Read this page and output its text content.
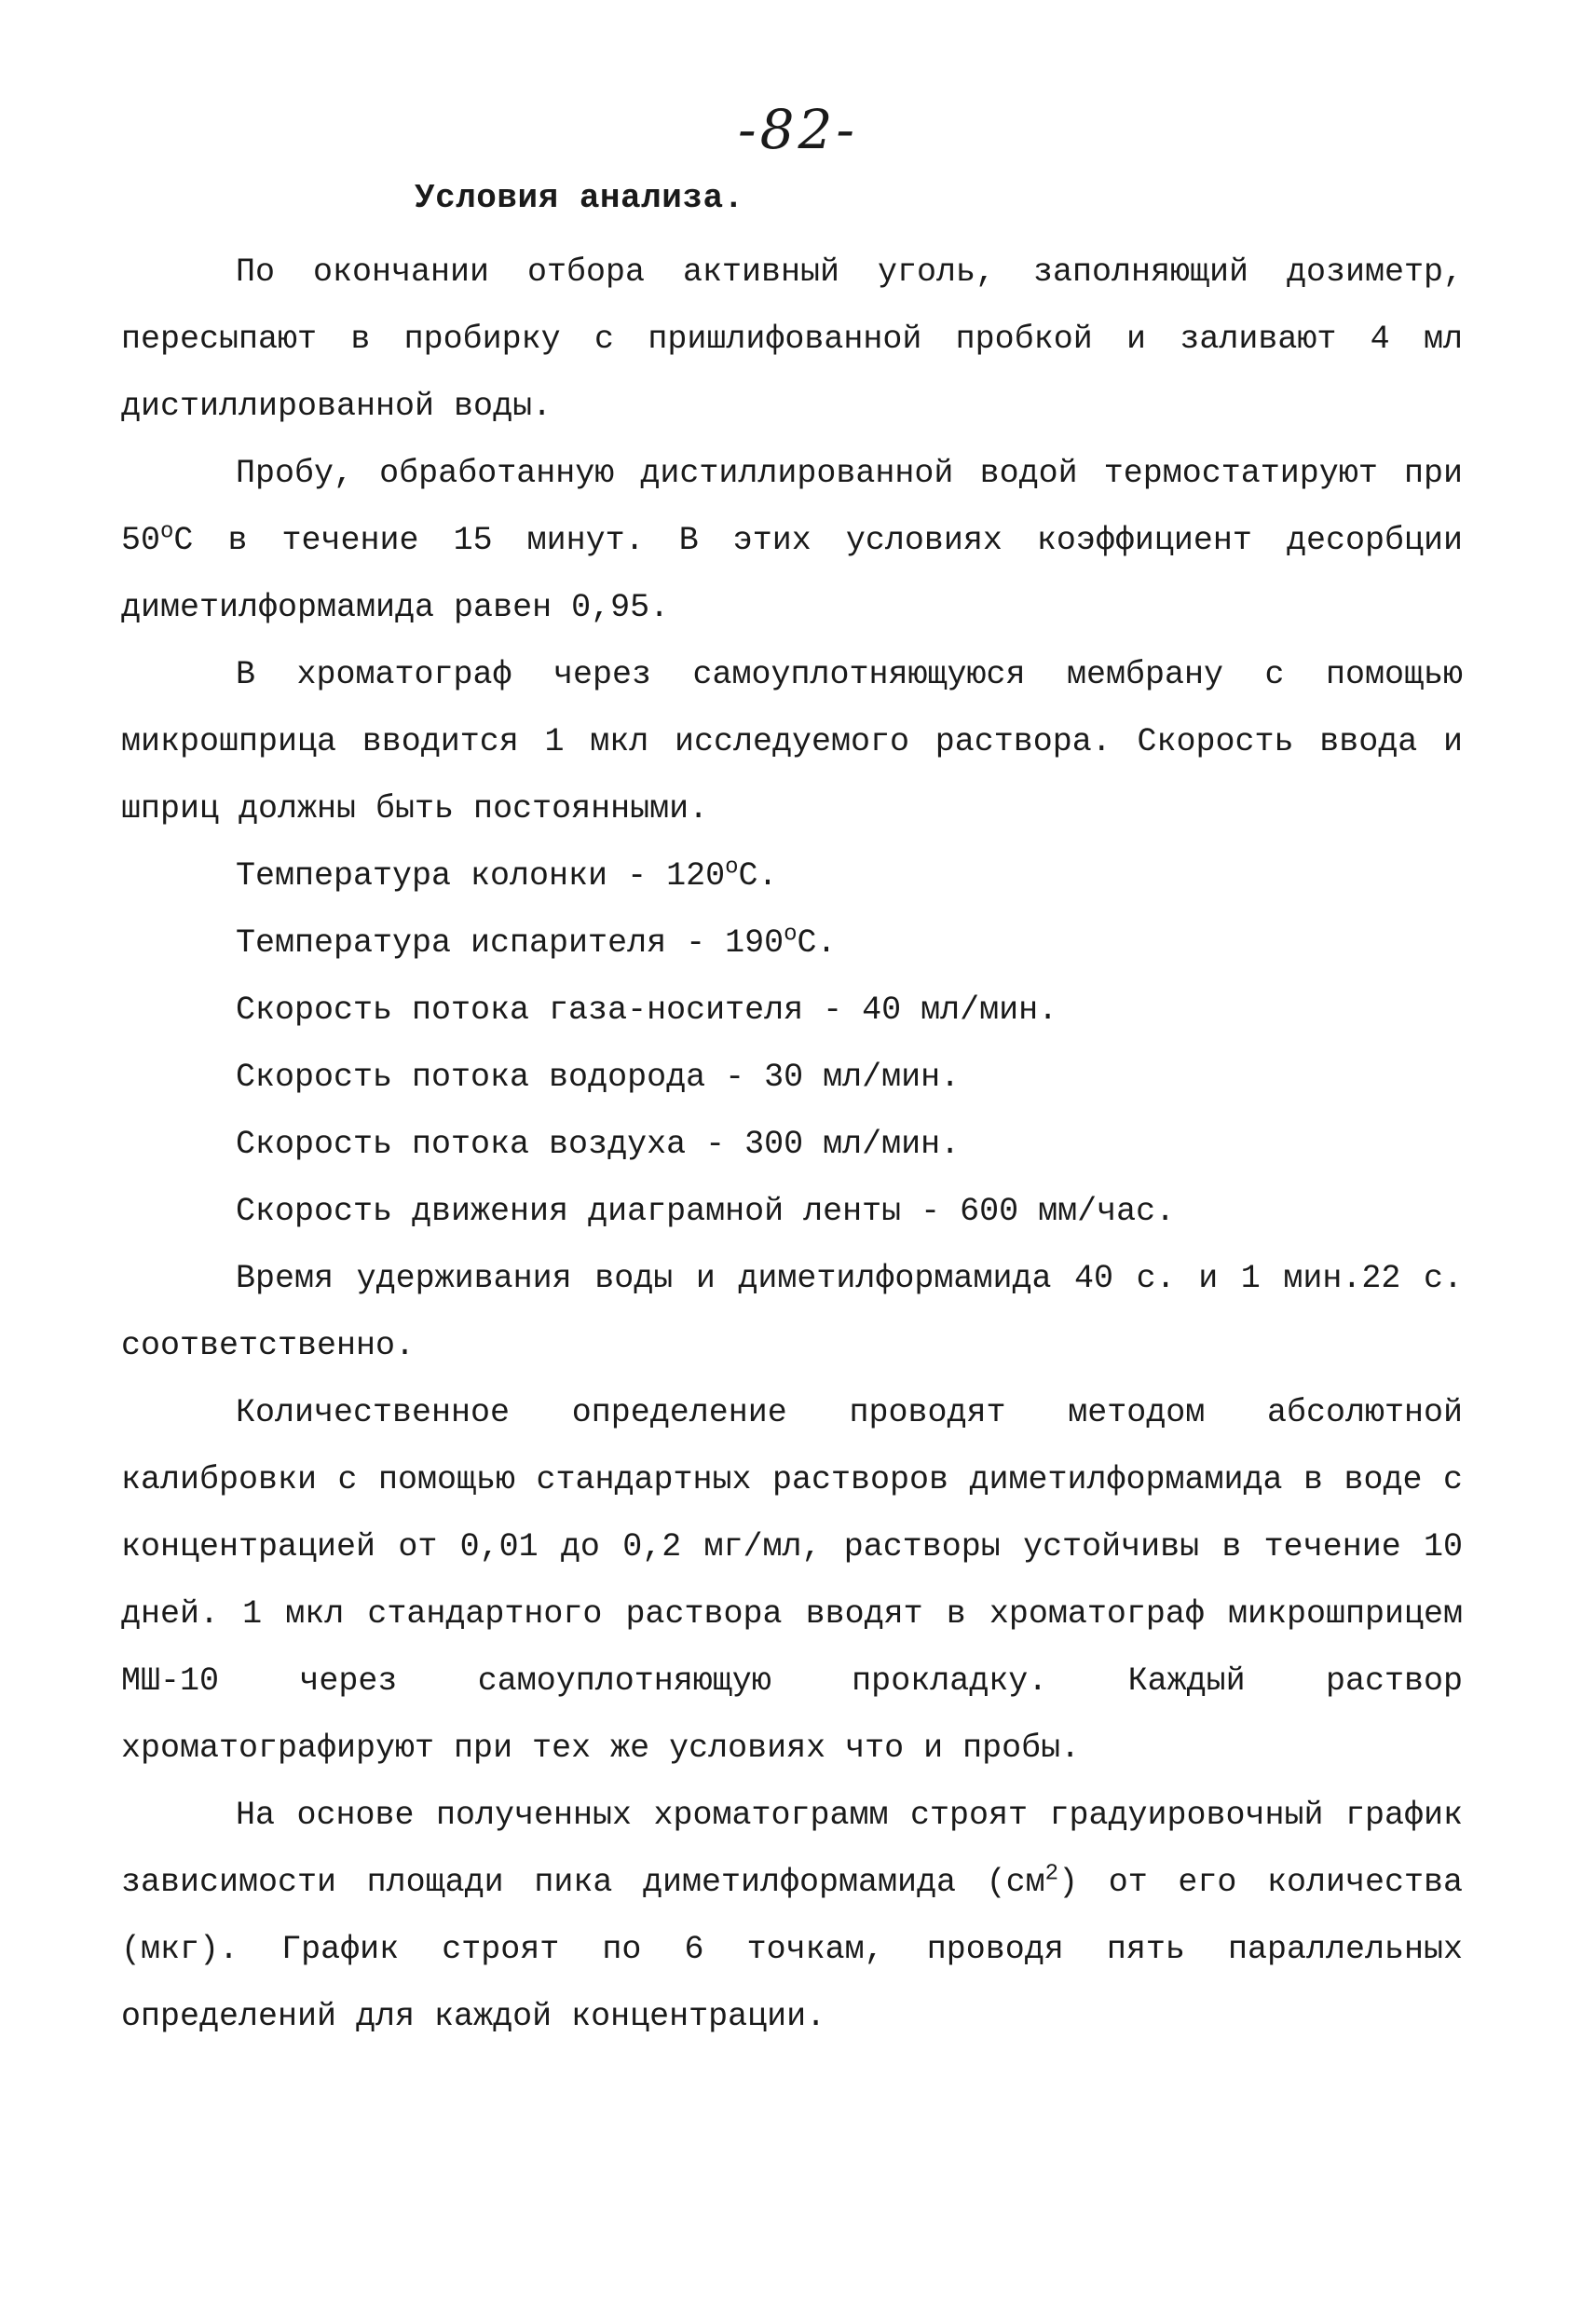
-82-
Условия анализа.

По окончании отбора активный уголь, заполняющий дозиметр, пересыпают в пробирку с пришлифованной пробкой и заливают 4 мл дистиллированной воды.

Пробу, обработанную дистиллированной водой термостатируют при $50^оС$ в течение 15 минут. В этих условиях коэффициент десорбции диметилформамида равен 0,95.

В хроматограф через самоуплотняющуюся мембрану с помощью микрошприца вводится 1 мкл исследуемого раствора. Скорость ввода и шприц должны быть постоянными.

Температура колонки - $120^оС$.
Температура испарителя - $190^оС$.
Скорость потока газа-носителя - 40 мл/мин.
Скорость потока водорода - 30 мл/мин.
Скорость потока воздуха - 300 мл/мин.
Скорость движения диаграмной ленты - 600 мм/час.

Время удерживания воды и диметилформамида 40 с. и 1 мин.22 с. соответственно.

Количественное определение проводят методом абсолютной калибровки с помощью стандартных растворов диметилформамида в воде с концентрацией от 0,01 до 0,2 мг/мл, растворы устойчивы в течение 10 дней. 1 мкл стандартного раствора вводят в хроматограф микрошприцем МШ-10 через самоуплотняющую прокладку. Каждый раствор хроматографируют при тех же условиях что и пробы.

На основе полученных хроматограмм строят градуировочный график зависимости площади пика диметилформамида $(см^2)$ от его количества (мкг). График строят по 6 точкам, проводя пять параллельных определений для каждой концентрации.
